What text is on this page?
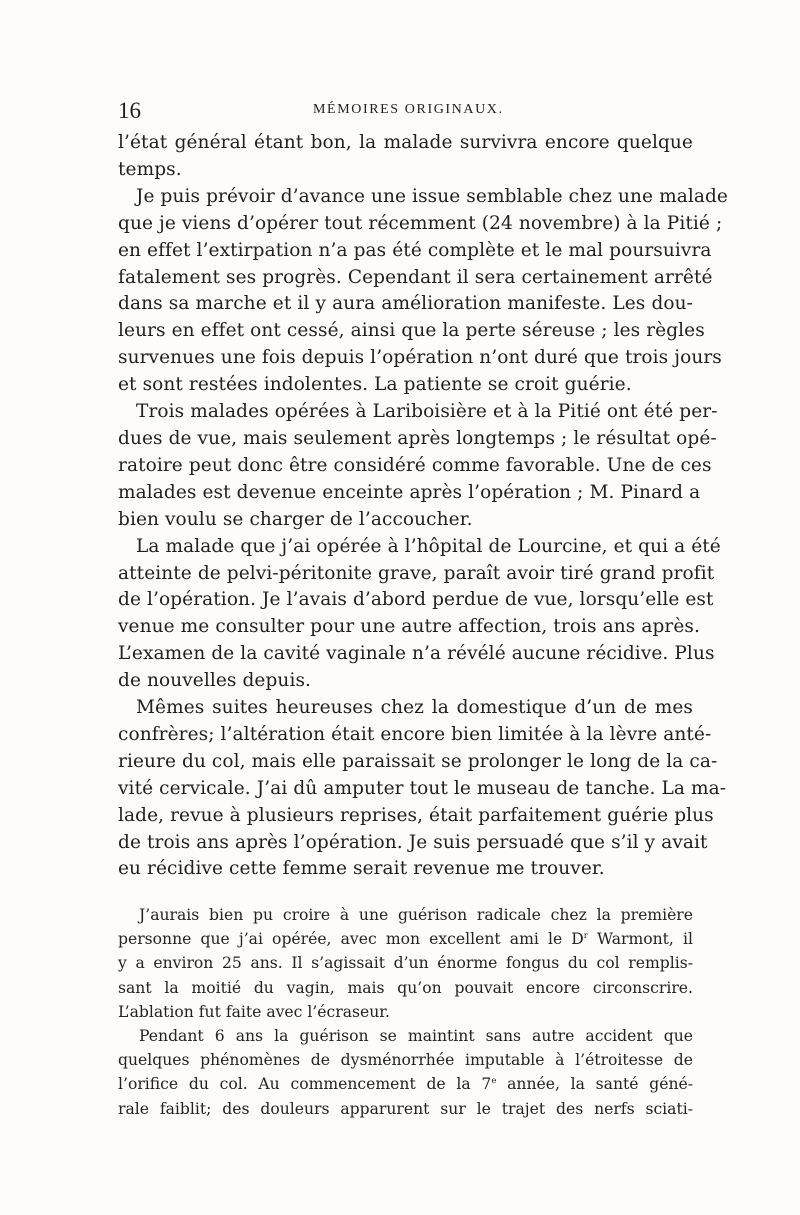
16	MÉMOIRES ORIGINAUX.

l’état général étant bon, la malade survivra encore quelque
temps.

Je puis prévoir d’avance une issue semblable chez une malade
que je viens d’opérer tout récemment (24 novembre) à la Pitié ;
en effet l’extirpation n’a pas été complète et le mal poursuivra
fatalement ses progrès. Cependant il sera certainement arrêté
dans sa marche et il y aura amélioration manifeste. Les dou-
leurs en effet ont cessé, ainsi que la perte séreuse ; les règles
survenues une fois depuis l’opération n’ont duré que trois jours
et sont restées indolentes. La patiente se croit guérie.

Trois malades opérées à Lariboisière et à la Pitié ont été per-
dues de vue, mais seulement après longtemps ; le résultat opé-
ratoire peut donc être considéré comme favorable. Une de ces
malades est devenue enceinte après l’opération ; M. Pinard a
bien voulu se charger de l’accoucher.

La malade que j’ai opérée à l’hôpital de Lourcine, et qui a été
atteinte de pelvi-péritonite grave, paraît avoir tiré grand profit
de l’opération. Je l’avais d’abord perdue de vue, lorsqu’elle est
venue me consulter pour une autre affection, trois ans après.
L’examen de la cavité vaginale n’a révélé aucune récidive. Plus
de nouvelles depuis.

Mêmes suites heureuses chez la domestique d’un de mes
confrères; l’altération était encore bien limitée à la lèvre anté-
rieure du col, mais elle paraissait se prolonger le long de la ca-
vité cervicale. J’ai dû amputer tout le museau de tanche. La ma-
lade, revue à plusieurs reprises, était parfaitement guérie plus
de trois ans après l’opération. Je suis persuadé que s’il y avait
eu récidive cette femme serait revenue me trouver.

J’aurais bien pu croire à une guérison radicale chez la première
personne que j’ai opérée, avec mon excellent ami le $D^r$ Warmont, il
y a environ 25 ans. Il s’agissait d’un énorme fongus du col remplis-
sant la moitié du vagin, mais qu’on pouvait encore circonscrire.
L’ablation fut faite avec l’écraseur.

Pendant 6 ans la guérison se maintint sans autre accident que
quelques phénomènes de dysménorrhée imputable à l’étroitesse de
l’orifice du col. Au commencement de la 7e année, la santé géné-
rale faiblit; des douleurs apparurent sur le trajet des nerfs sciati-
